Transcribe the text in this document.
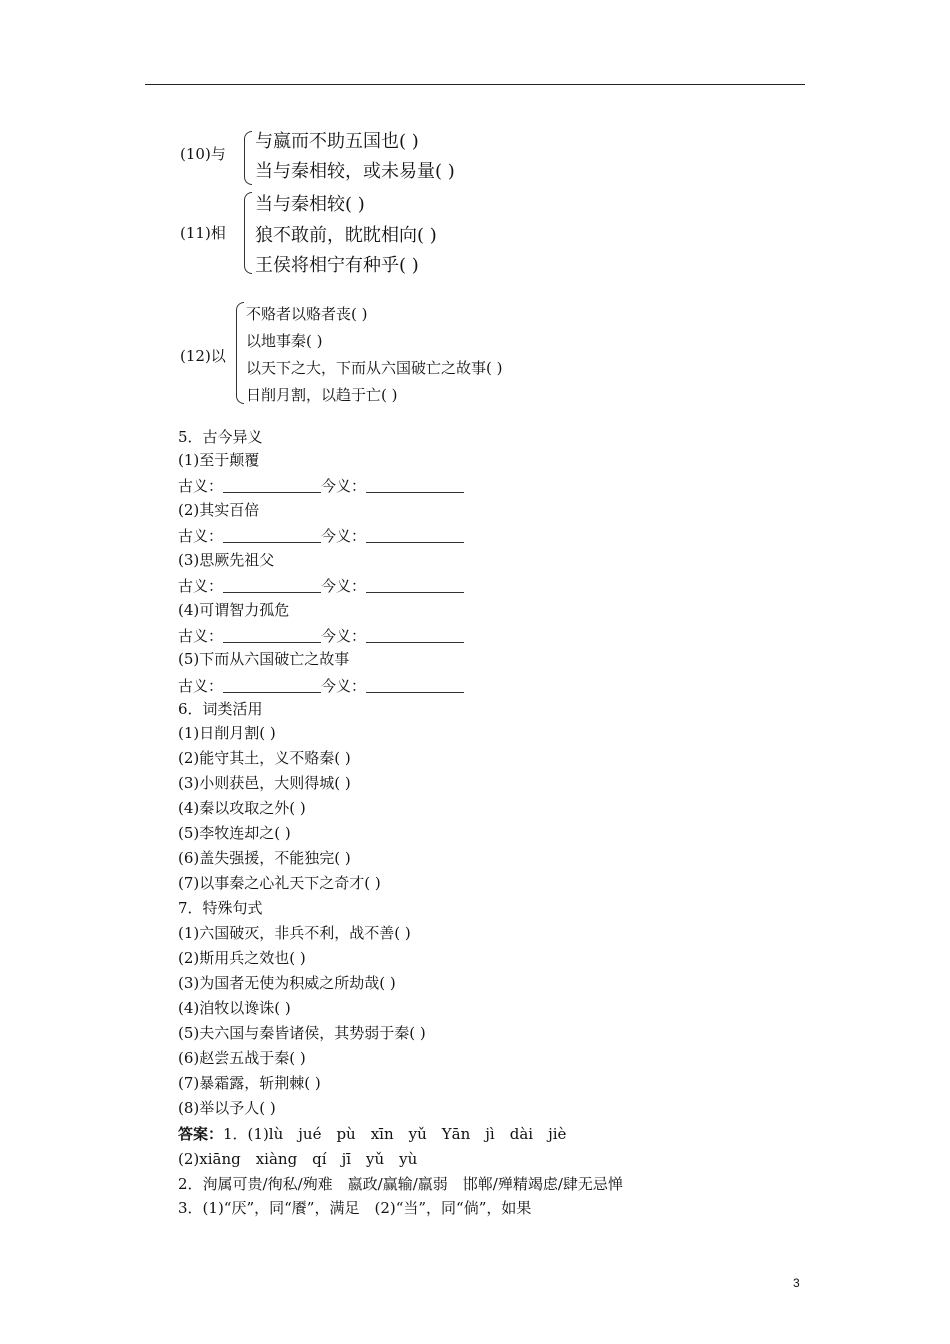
(10)与
与嬴而不助五国也( )
当与秦相较，或未易量( )
(11)相
当与秦相较( )
狼不敢前，眈眈相向( )
王侯将相宁有种乎( )
(12)以
不赂者以赂者丧( )
以地事秦( )
以天下之大，下而从六国破亡之故事( )
日削月割，以趋于亡( )
5．古今异义
(1)至于颠覆
古义：	今义：
(2)其实百倍
古义：	今义：
(3)思厥先祖父
古义：	今义：
(4)可谓智力孤危
古义：	今义：
(5)下而从六国破亡之故事
古义：	今义：
6．词类活用
(1)日削月割( )
(2)能守其土，义不赂秦( )
(3)小则获邑，大则得城( )
(4)秦以攻取之外( )
(5)李牧连却之( )
(6)盖失强援，不能独完( )
(7)以事秦之心礼天下之奇才( )
7．特殊句式
(1)六国破灭，非兵不利，战不善( )
(2)斯用兵之效也( )
(3)为国者无使为积威之所劫哉( )
(4)洎牧以谗诛( )
(5)夫六国与秦皆诸侯，其势弱于秦( )
(6)赵尝五战于秦( )
(7)暴霜露，斩荆棘( )
(8)举以予人( )
答案：1．(1)lù　jué　pù　xīn　yǔ　Yān　jì　dài　jiè
(2)xiāng　xiàng　qí　jī　yǔ　yù
2．洵属可贵/徇私/殉难　嬴政/赢输/羸弱　邯郸/殚精竭虑/肆无忌惮
3．(1)“厌”，同“餍”，满足　(2)“当”，同“倘”，如果
3
